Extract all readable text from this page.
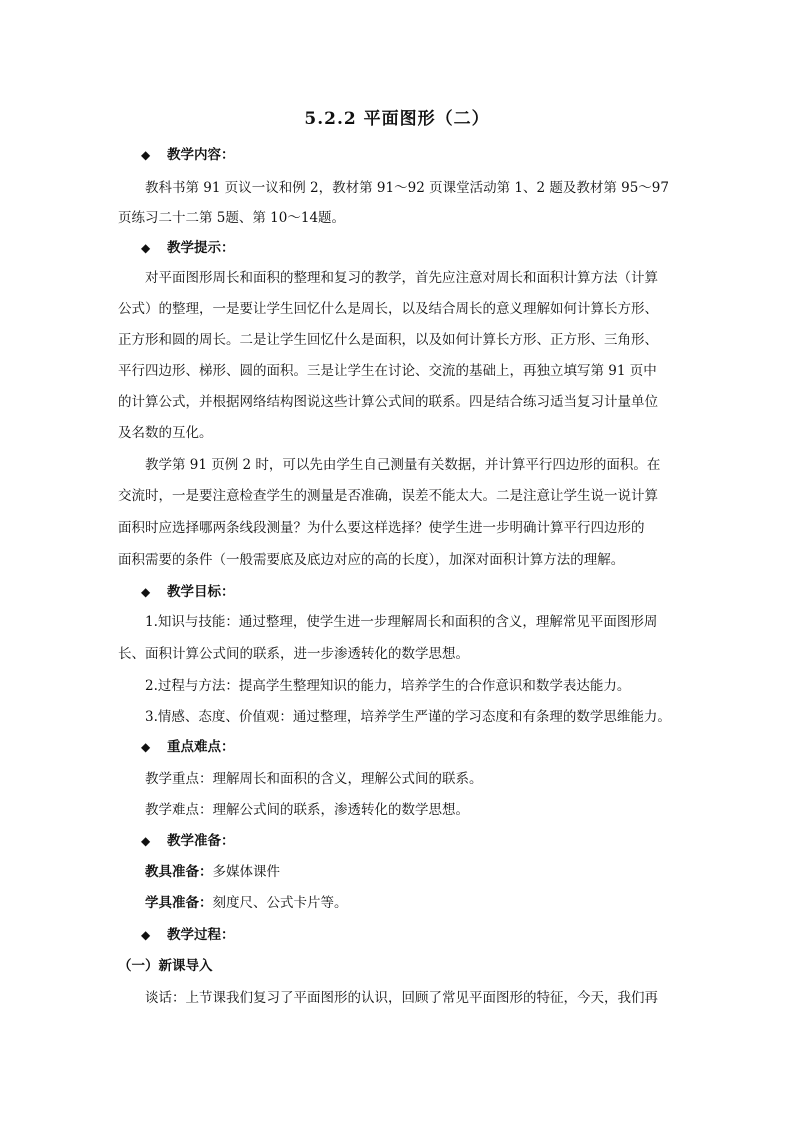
5.2.2 平面图形（二）
◆ 教学内容：
教科书第 91 页议一议和例 2，教材第 91～92 页课堂活动第 1、2 题及教材第 95～97
页练习二十二第 5题、第 10～14题。
◆ 教学提示：
对平面图形周长和面积的整理和复习的教学，首先应注意对周长和面积计算方法（计算
公式）的整理，一是要让学生回忆什么是周长，以及结合周长的意义理解如何计算长方形、
正方形和圆的周长。二是让学生回忆什么是面积，以及如何计算长方形、正方形、三角形、
平行四边形、梯形、圆的面积。三是让学生在讨论、交流的基础上，再独立填写第 91 页中
的计算公式，并根据网络结构图说这些计算公式间的联系。四是结合练习适当复习计量单位
及名数的互化。
教学第 91 页例 2 时，可以先由学生自己测量有关数据，并计算平行四边形的面积。在
交流时，一是要注意检查学生的测量是否准确，误差不能太大。二是注意让学生说一说计算
面积时应选择哪两条线段测量？为什么要这样选择？使学生进一步明确计算平行四边形的
面积需要的条件（一般需要底及底边对应的高的长度），加深对面积计算方法的理解。
◆ 教学目标：
1.知识与技能：通过整理，使学生进一步理解周长和面积的含义，理解常见平面图形周
长、面积计算公式间的联系，进一步渗透转化的数学思想。
2.过程与方法：提高学生整理知识的能力，培养学生的合作意识和数学表达能力。
3.情感、态度、价值观：通过整理，培养学生严谨的学习态度和有条理的数学思维能力。
◆ 重点难点：
教学重点：理解周长和面积的含义，理解公式间的联系。
教学难点：理解公式间的联系，渗透转化的数学思想。
◆ 教学准备：
教具准备：多媒体课件
学具准备：刻度尺、公式卡片等。
◆ 教学过程：
（一）新课导入
谈话：上节课我们复习了平面图形的认识，回顾了常见平面图形的特征，今天，我们再
